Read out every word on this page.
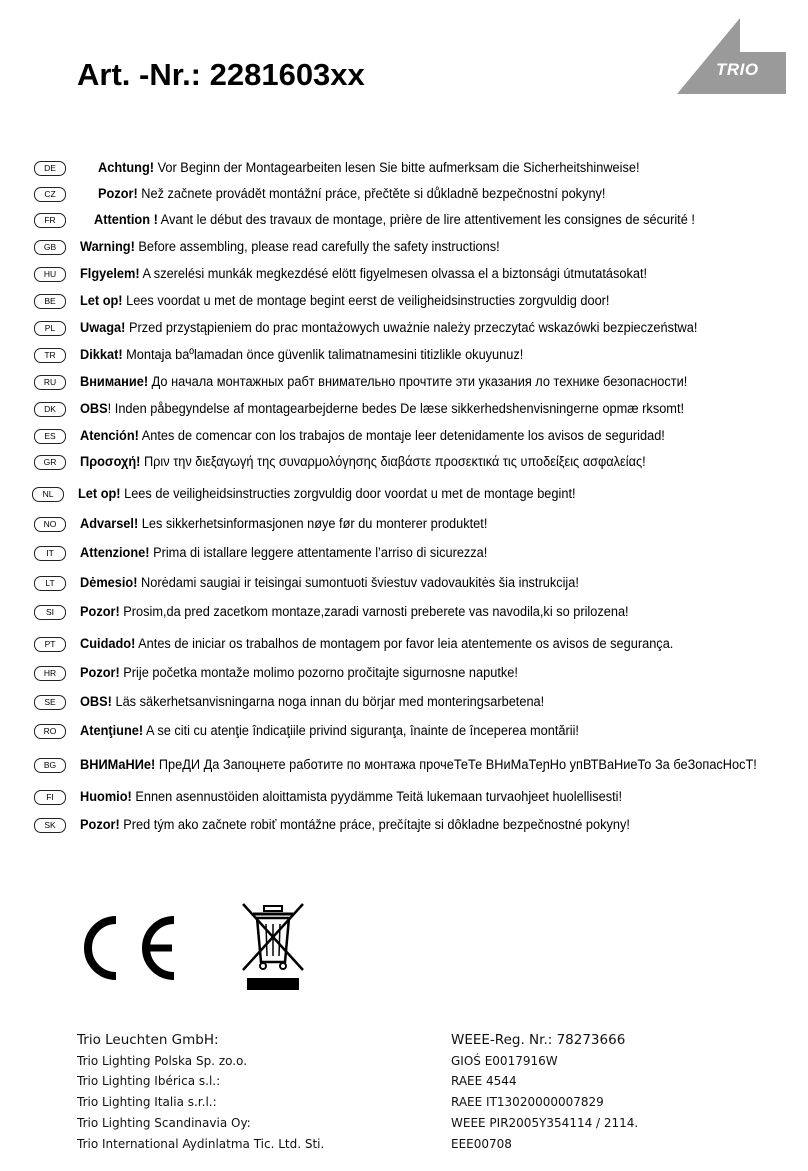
Art. -Nr.: 2281603xx	TRIO
DE	Achtung! Vor Beginn der Montagearbeiten lesen Sie bitte aufmerksam die Sicherheitshinweise!
CZ	Pozor! Než začnete provádět montážní práce, přečtěte si důkladně bezpečnostní pokyny!
FR	Attention ! Avant le début des travaux de montage, prière de lire attentivement les consignes de sécurité !
GB	Warning! Before assembling, please read carefully the safety instructions!
HU	Flgyelem! A szerelési munkák megkezdésé elött figyelmesen olvassa el a biztonsági útmutatásokat!
BE	Let op! Lees voordat u met de montage begint eerst de veiligheidsinstructies zorgvuldig door!
PL	Uwaga! Przed przystąpieniem do prac montażowych uważnie należy przeczytać wskazówki bezpieczeństwa!
TR	Dikkat! Montaja baºlamadan önce güvenlik talimatnamesini titizlikle okuyunuz!
RU	Внимание! До начала монтажных рабт внимательно прочтите эти указания ло технике безопасности!
DK	OBS! Inden påbegyndelse af montagearbejderne bedes De læse sikkerhedshenvisningerne opmæ rksomt!
ES	Atención! Antes de comencar con los trabajos de montaje leer detenidamente los avisos de seguridad!
GR	Προσοχή! Πριν την διεξαγωγή της συναρμολόγησης διαβάστε προσεκτικά τις υποδείξεις ασφαλείας!
NL	Let op! Lees de veiligheidsinstructies zorgvuldig door voordat u met de montage begint!
NO	Advarsel! Les sikkerhetsinformasjonen nøye før du monterer produktet!
IT	Attenzione! Prima di istallare leggere attentamente l’arriso di sicurezza!
LT	Dėmesio! Norėdami saugiai ir teisingai sumontuoti šviestuv vadovaukitės šia instrukcija!
SI	Pozor! Prosim,da pred zacetkom montaze,zaradi varnosti preberete vas navodila,ki so prilozena!
PT	Cuidado! Antes de iniciar os trabalhos de montagem por favor leia atentemente os avisos de segurança.
HR	Pozor! Prije početka montaže molimo pozorno pročitajte sigurnosne naputke!
SE	OBS! Läs säkerhetsanvisningarna noga innan du börjar med monteringsarbetena!
RO	Atenţiune! A se citi cu atenţie îndicaţiile privind siguranţa, înainte de începerea montării!
BG	ВНИМаНИе! ПреДИ Да Запоцнете работите по монтажа прочеТеТе ВНиМаТеɲНо упВТВаНиеТо За беЗопасНосТ!
FI	Huomio! Ennen asennustöiden aloittamista pyydämme Teitä lukemaan turvaohjeet huolellisesti!
SK	Pozor! Pred tým ako začnete robiť montážne práce, prečítajte si dôkladne bezpečnostné pokyny!
Trio Leuchten GmbH:
Trio Lighting Polska Sp. zo.o.
Trio Lighting Ibérica s.l.:
Trio Lighting Italia s.r.l.:
Trio Lighting Scandinavia Oy:
Trio International Aydinlatma Tic. Ltd. Sti.
WEEE-Reg. Nr.: 78273666
GIOŚ E0017916W
RAEE 4544
RAEE IT13020000007829
WEEE PIR2005Y354114 / 2114.
EEE00708
